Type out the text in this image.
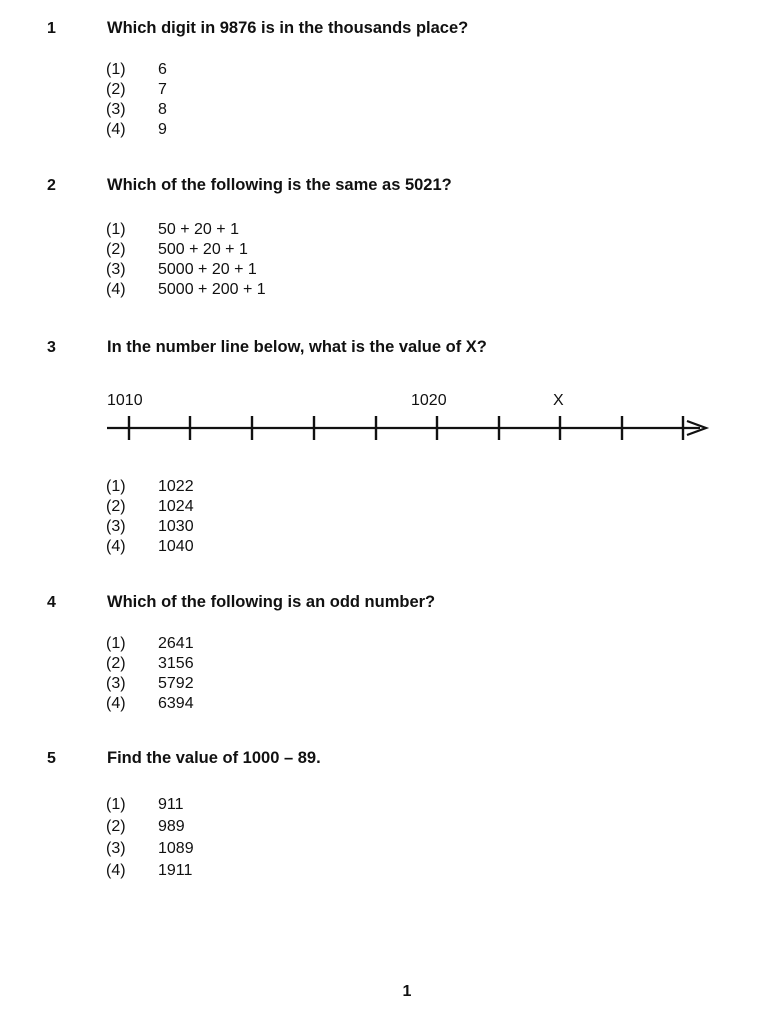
1	Which digit in 9876 is in the thousands place?
(1)	6
(2)	7
(3)	8
(4)	9
2	Which of the following is the same as 5021?
(1)	50 + 20 + 1
(2)	500 + 20 + 1
(3)	5000 + 20 + 1
(4)	5000 + 200 + 1
3	In the number line below, what is the value of X?
1010	1020	X
(1)	1022
(2)	1024
(3)	1030
(4)	1040
4	Which of the following is an odd number?
(1)	2641
(2)	3156
(3)	5792
(4)	6394
5	Find the value of 1000 – 89.
(1)	911
(2)	989
(3)	1089
(4)	1911
1
